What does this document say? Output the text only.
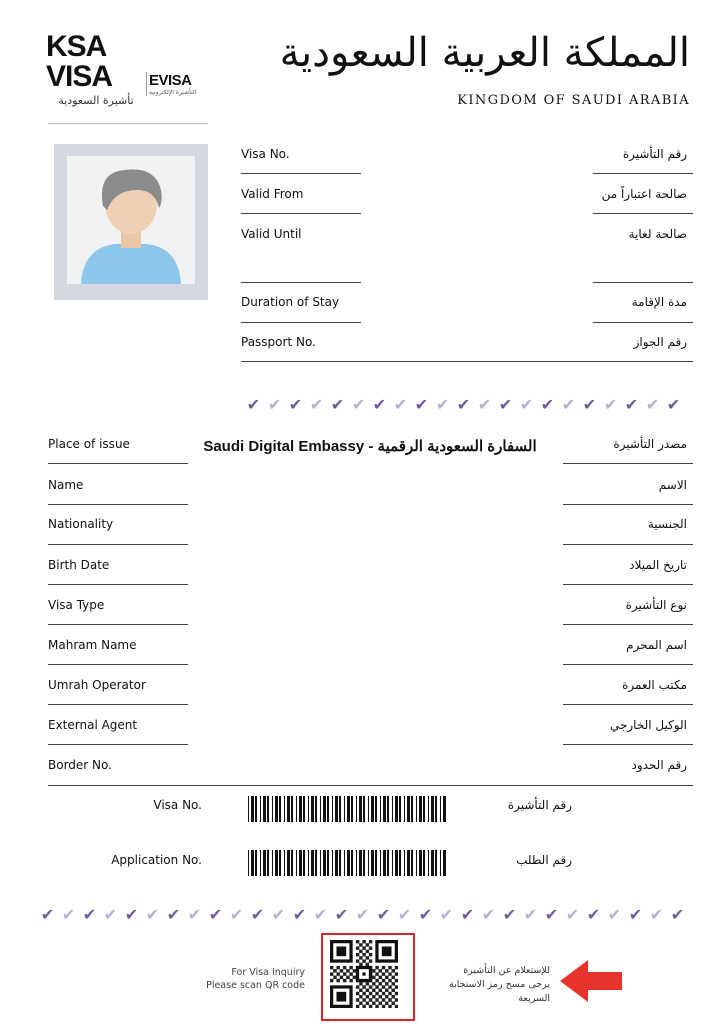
KSA
VISA
تأشيرة السعودية
EVISA
التأشيرة الإلكترونية
المملكة العربية السعودية
KINGDOM OF SAUDI ARABIA
Visa No.	رقم التأشيرة
Valid From	صالحة اعتباراً من
Valid Until	صالحة لغاية
Duration of Stay	مدة الإقامة
Passport No.	رقم الجواز
✔ ✔ ✔ ✔ ✔ ✔ ✔ ✔ ✔ ✔ ✔ ✔ ✔ ✔ ✔ ✔ ✔ ✔ ✔ ✔ ✔
Place of issue	Saudi Digital Embassy - السفارة السعودية الرقمية	مصدر التأشيرة
Name	الاسم
Nationality	الجنسية
Birth Date	تاريخ الميلاد
Visa Type	نوع التأشيرة
Mahram Name	اسم المحرم
Umrah Operator	مكتب العمرة
External Agent	الوكيل الخارجي
Border No.	رقم الحدود
Visa No.	رقم التأشيرة
Application No.	رقم الطلب
✔ ✔ ✔ ✔ ✔ ✔ ✔ ✔ ✔ ✔ ✔ ✔ ✔ ✔ ✔ ✔ ✔ ✔ ✔ ✔ ✔ ✔ ✔ ✔ ✔ ✔ ✔ ✔ ✔ ✔ ✔
For Visa Inquiry
Please scan QR code
للإستعلام عن التأشيرة
يرجى مسح رمز الاستجابة السريعة
